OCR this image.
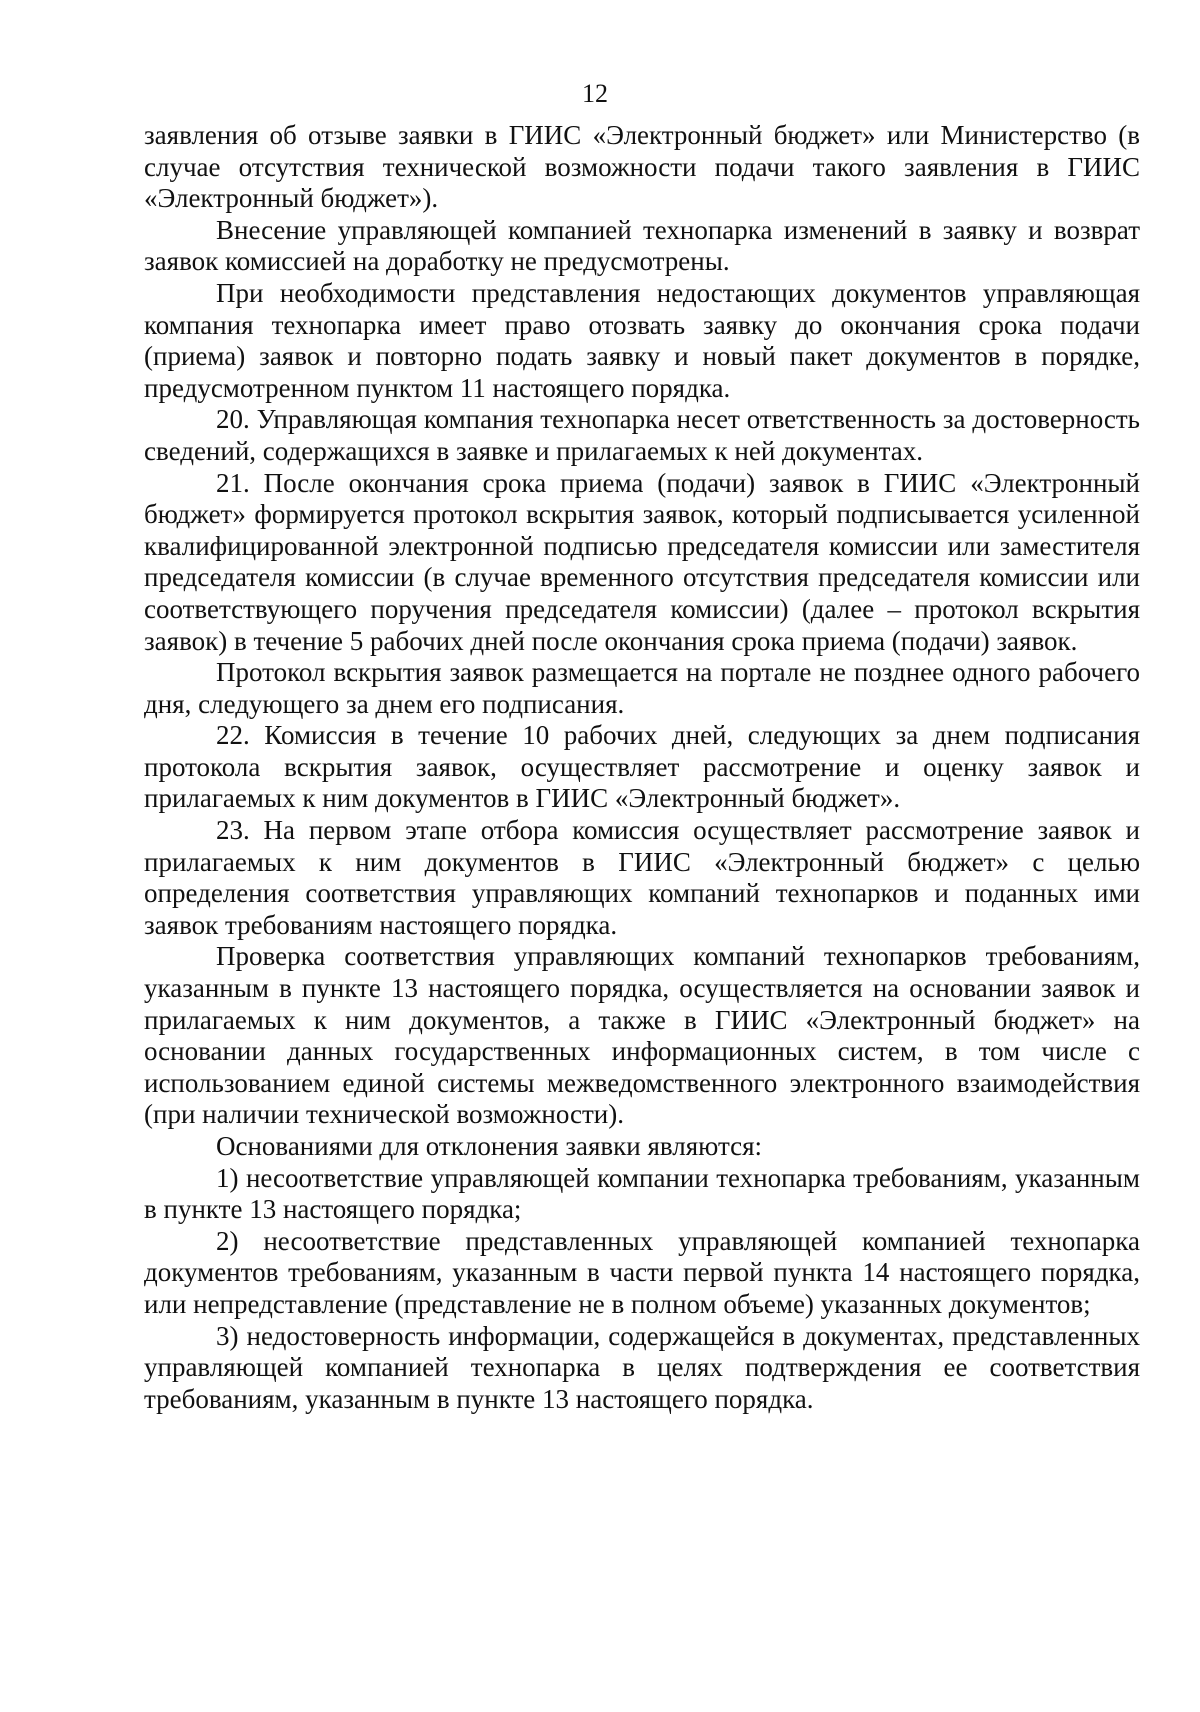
12

заявления об отзыве заявки в ГИИС «Электронный бюджет» или Министерство (в случае отсутствия технической возможности подачи такого заявления в ГИИС «Электронный бюджет»).

Внесение управляющей компанией технопарка изменений в заявку и возврат заявок комиссией на доработку не предусмотрены.

При необходимости представления недостающих документов управляющая компания технопарка имеет право отозвать заявку до окончания срока подачи (приема) заявок и повторно подать заявку и новый пакет документов в порядке, предусмотренном пунктом 11 настоящего порядка.

20. Управляющая компания технопарка несет ответственность за достоверность сведений, содержащихся в заявке и прилагаемых к ней документах.

21. После окончания срока приема (подачи) заявок в ГИИС «Электронный бюджет» формируется протокол вскрытия заявок, который подписывается усиленной квалифицированной электронной подписью председателя комиссии или заместителя председателя комиссии (в случае временного отсутствия председателя комиссии или соответствующего поручения председателя комиссии) (далее – протокол вскрытия заявок) в течение 5 рабочих дней после окончания срока приема (подачи) заявок.

Протокол вскрытия заявок размещается на портале не позднее одного рабочего дня, следующего за днем его подписания.

22. Комиссия в течение 10 рабочих дней, следующих за днем подписания протокола вскрытия заявок, осуществляет рассмотрение и оценку заявок и прилагаемых к ним документов в ГИИС «Электронный бюджет».

23. На первом этапе отбора комиссия осуществляет рассмотрение заявок и прилагаемых к ним документов в ГИИС «Электронный бюджет» с целью определения соответствия управляющих компаний технопарков и поданных ими заявок требованиям настоящего порядка.

Проверка соответствия управляющих компаний технопарков требованиям, указанным в пункте 13 настоящего порядка, осуществляется на основании заявок и прилагаемых к ним документов, а также в ГИИС «Электронный бюджет» на основании данных государственных информационных систем, в том числе с использованием единой системы межведомственного электронного взаимодействия (при наличии технической возможности).

Основаниями для отклонения заявки являются:

1) несоответствие управляющей компании технопарка требованиям, указанным в пункте 13 настоящего порядка;

2) несоответствие представленных управляющей компанией технопарка документов требованиям, указанным в части первой пункта 14 настоящего порядка, или непредставление (представление не в полном объеме) указанных документов;

3) недостоверность информации, содержащейся в документах, представленных управляющей компанией технопарка в целях подтверждения ее соответствия требованиям, указанным в пункте 13 настоящего порядка.
